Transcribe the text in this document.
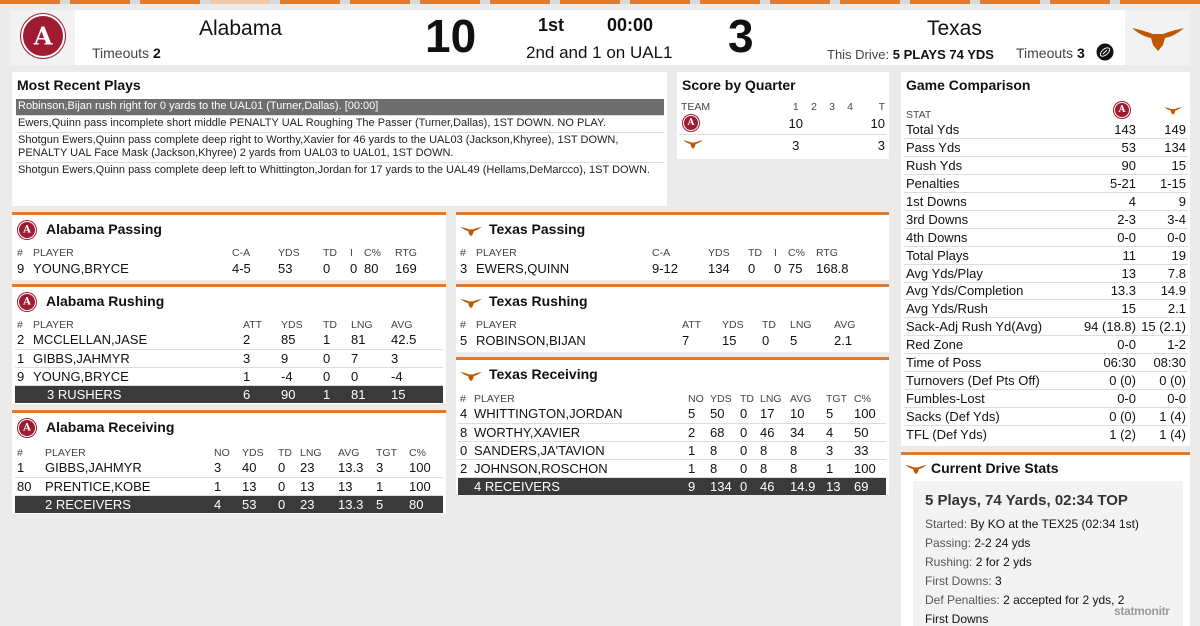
A	Alabama
Timeouts 2	10	1st 00:00
2nd and 1 on UAL1 3	Texas
This Drive: 5 PLAYS 74 YDS Timeouts 3
Most Recent Plays
Robinson,Bijan rush right for 0 yards to the UAL01 (Turner,Dallas). [00:00]
Ewers,Quinn pass incomplete short middle PENALTY UAL Roughing The Passer (Turner,Dallas), 1ST DOWN. NO PLAY.
Shotgun Ewers,Quinn pass complete deep right to Worthy,Xavier for 46 yards to the UAL03 (Jackson,Khyree), 1ST DOWN, PENALTY UAL Face Mask (Jackson,Khyree) 2 yards from UAL03 to UAL01, 1ST DOWN.
Shotgun Ewers,Quinn pass complete deep left to Whittington,Jordan for 17 yards to the UAL49 (Hellams,DeMarcco), 1ST DOWN.
Score by Quarter
TEAM		1	2	3	4	T

A		10				10
		3				3
Game Comparison
STAT	A

Total Yds	143	149
Pass Yds	53	134
Rush Yds	90	15
Penalties	5-21	1-15
1st Downs	4	9
3rd Downs	2-3	3-4
4th Downs	0-0	0-0
Total Plays	11	19
Avg Yds/Play	13	7.8
Avg Yds/Completion	13.3	14.9
Avg Yds/Rush	15	2.1
Sack-Adj Rush Yd(Avg)	94 (18.8)	15 (2.1)
Red Zone	0-0	1-2
Time of Poss	06:30	08:30
Turnovers (Def Pts Off)	0 (0)	0 (0)
Fumbles-Lost	0-0	0-0
Sacks (Def Yds)	0 (0)	1 (4)
TFL (Def Yds)	1 (2)	1 (4)
A Alabama Passing
#	PLAYER	C-A	YDS	TD	I	C%	RTG
9	YOUNG,BRYCE	4-5	53	0	0	80	169
A Alabama Rushing
#	PLAYER	ATT	YDS	TD	LNG	AVG
2	MCCLELLAN,JASE	2	85	1	81	42.5
1	GIBBS,JAHMYR	3	9	0	7	3
9	YOUNG,BRYCE	1	-4	0	0	-4
	3 RUSHERS	6	90	1	81	15
A Alabama Receiving
#	PLAYER	NO	YDS	TD	LNG	AVG	TGT	C%
1	GIBBS,JAHMYR	3	40	0	23	13.3	3	100
80	PRENTICE,KOBE	1	13	0	13	13	1	100
	2 RECEIVERS	4	53	0	23	13.3	5	80
Texas Passing
#	PLAYER	C-A	YDS	TD	I	C%	RTG
3	EWERS,QUINN	9-12	134	0	0	75	168.8
Texas Rushing
#	PLAYER	ATT	YDS	TD	LNG	AVG
5	ROBINSON,BIJAN	7	15	0	5	2.1
Texas Receiving
#	PLAYER	NO	YDS	TD	LNG	AVG	TGT	C%
4	WHITTINGTON,JORDAN	5	50	0	17	10	5	100
8	WORTHY,XAVIER	2	68	0	46	34	4	50
0	SANDERS,JA'TAVION	1	8	0	8	8	3	33
2	JOHNSON,ROSCHON	1	8	0	8	8	1	100
	4 RECEIVERS	9	134	0	46	14.9	13	69
Current Drive Stats
5 Plays, 74 Yards, 02:34 TOP
Started: By KO at the TEX25 (02:34 1st)
Passing: 2-2 24 yds
Rushing: 2 for 2 yds
First Downs: 3
Def Penalties: 2 accepted for 2 yds, 2
First Downs
statmonitr
